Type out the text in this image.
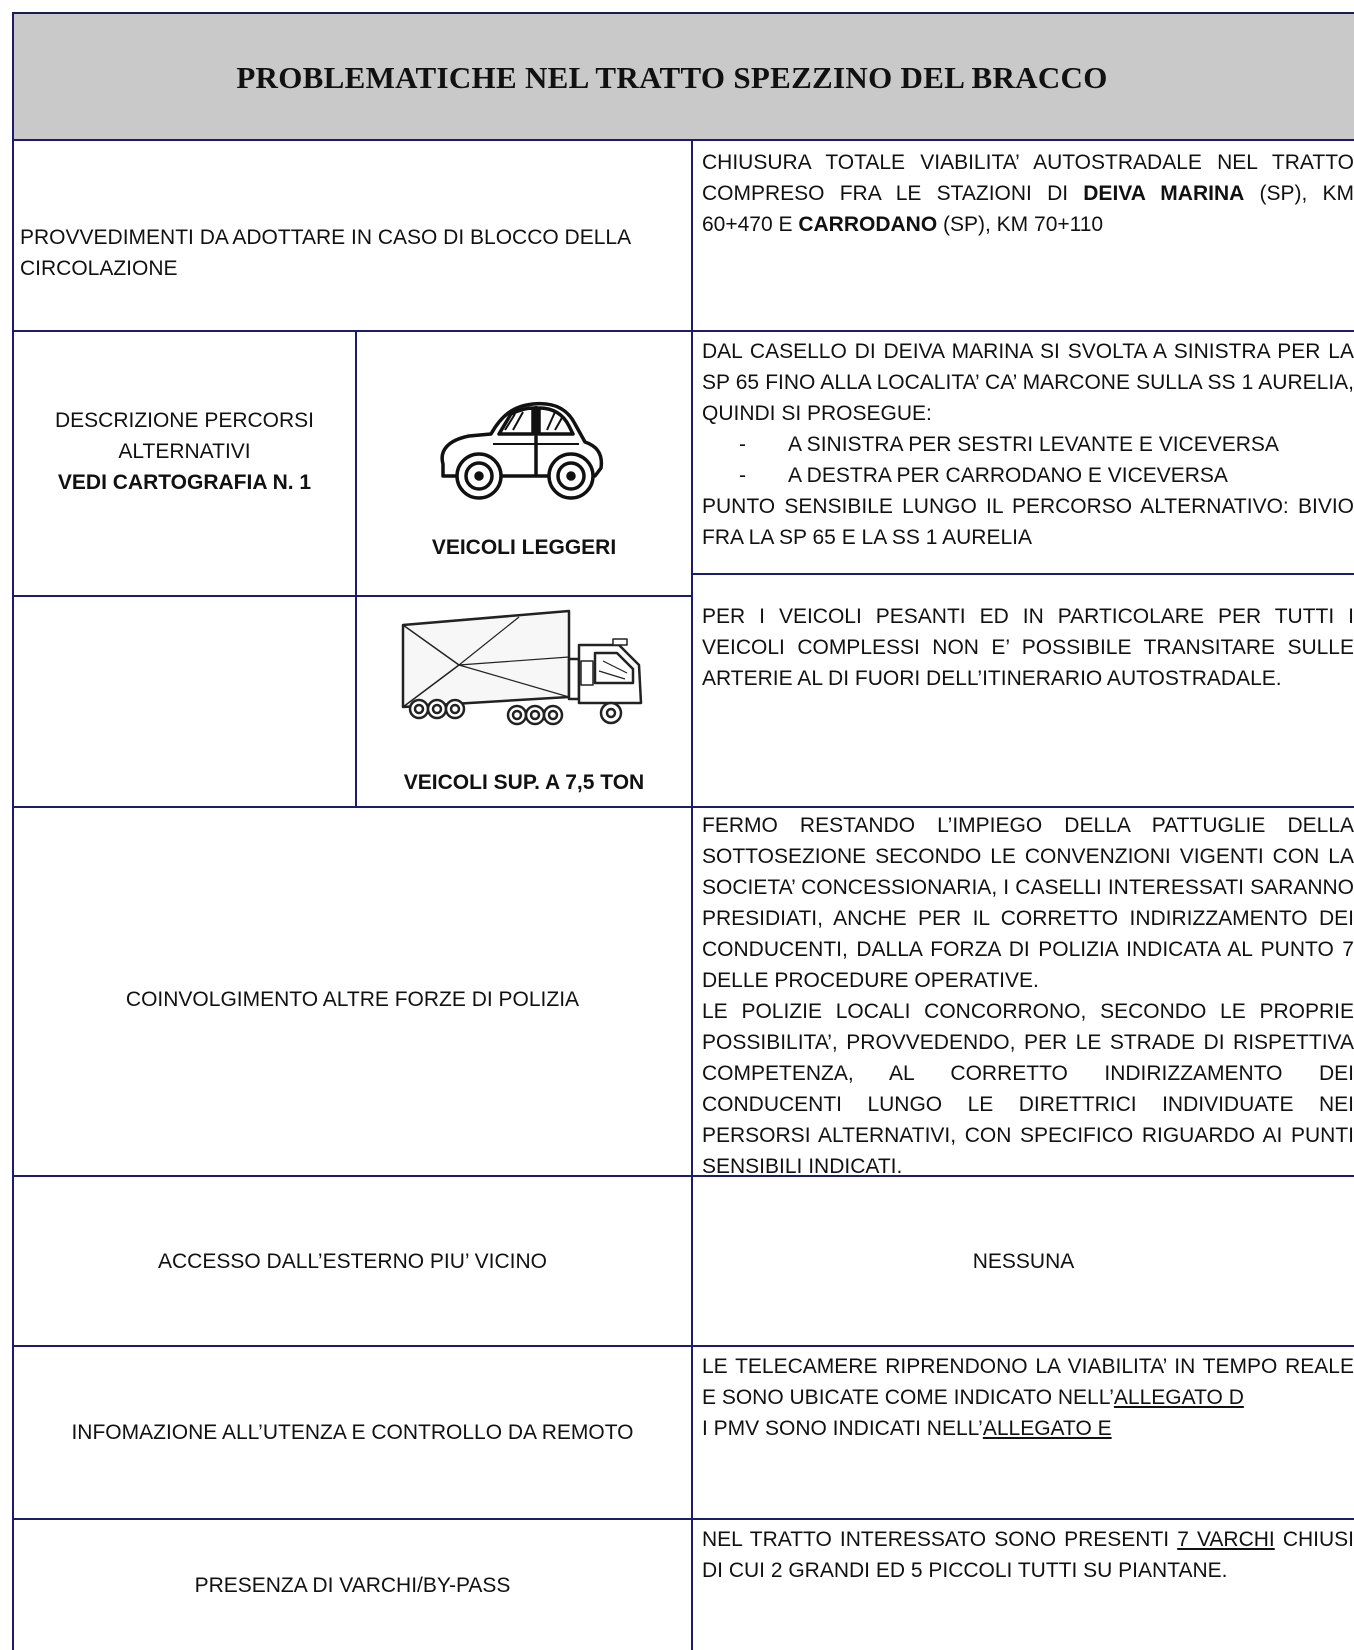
PROBLEMATICHE NEL TRATTO SPEZZINO DEL BRACCO
PROVVEDIMENTI DA ADOTTARE IN CASO DI BLOCCO DELLA CIRCOLAZIONE

CHIUSURA TOTALE VIABILITA’ AUTOSTRADALE NEL TRATTO COMPRESO FRA LE STAZIONI DI DEIVA MARINA (SP), KM 60+470 E CARRODANO (SP), KM 70+110

DESCRIZIONE PERCORSI ALTERNATIVI
VEDI CARTOGRAFIA N. 1
VEICOLI LEGGERI

DAL CASELLO DI DEIVA MARINA SI SVOLTA A SINISTRA PER LA SP 65 FINO ALLA LOCALITA’ CA’ MARCONE SULLA SS 1 AURELIA, QUINDI SI PROSEGUE:

- A SINISTRA PER SESTRI LEVANTE E VICEVERSA
- A DESTRA PER CARRODANO E VICEVERSA

PUNTO SENSIBILE LUNGO IL PERCORSO ALTERNATIVO: BIVIO FRA LA SP 65 E LA SS 1 AURELIA

VEICOLI SUP. A 7,5 TON

PER I VEICOLI PESANTI ED IN PARTICOLARE PER TUTTI I VEICOLI COMPLESSI NON E’ POSSIBILE TRANSITARE SULLE ARTERIE AL DI FUORI DELL’ITINERARIO AUTOSTRADALE.

COINVOLGIMENTO ALTRE FORZE DI POLIZIA

FERMO RESTANDO L’IMPIEGO DELLA PATTUGLIE DELLA SOTTOSEZIONE SECONDO LE CONVENZIONI VIGENTI CON LA SOCIETA’ CONCESSIONARIA, I CASELLI INTERESSATI SARANNO PRESIDIATI, ANCHE PER IL CORRETTO INDIRIZZAMENTO DEI CONDUCENTI, DALLA FORZA DI POLIZIA INDICATA AL PUNTO 7 DELLE PROCEDURE OPERATIVE.

LE POLIZIE LOCALI CONCORRONO, SECONDO LE PROPRIE POSSIBILITA’, PROVVEDENDO, PER LE STRADE DI RISPETTIVA COMPETENZA, AL CORRETTO INDIRIZZAMENTO DEI CONDUCENTI LUNGO LE DIRETTRICI INDIVIDUATE NEI PERSORSI ALTERNATIVI, CON SPECIFICO RIGUARDO AI PUNTI SENSIBILI INDICATI.

ACCESSO DALL’ESTERNO PIU’ VICINO	NESSUNA
INFOMAZIONE ALL’UTENZA E CONTROLLO DA REMOTO

LE TELECAMERE RIPRENDONO LA VIABILITA’ IN TEMPO REALE E SONO UBICATE COME INDICATO NELL’ALLEGATO D

I PMV SONO INDICATI NELL’ALLEGATO E

PRESENZA DI VARCHI/BY-PASS

NEL TRATTO INTERESSATO SONO PRESENTI 7 VARCHI CHIUSI DI CUI 2 GRANDI ED 5 PICCOLI TUTTI SU PIANTANE.
